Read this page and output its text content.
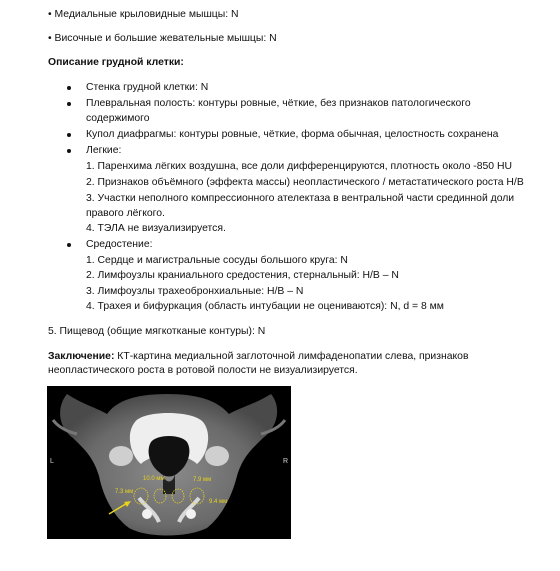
• Медиальные крыловидные мышцы: N
• Височные и большие жевательные мышцы: N
Описание грудной клетки:
Стенка грудной клетки: N
Плевральная полость: контуры ровные, чёткие, без признаков патологического
содержимого
Купол диафрагмы: контуры ровные, чёткие, форма обычная, целостность сохранена
Легкие:
1. Паренхима лёгких воздушна, все доли дифференцируются, плотность около -850 HU
2. Признаков объёмного (эффекта массы) неопластического / метастатического роста Н/В
3. Участки неполного компрессионного ателектаза в вентральной части срединной доли
правого лёгкого.
4. ТЭЛА не визуализируется.
Средостение:
1. Сердце и магистральные сосуды большого круга: N
2. Лимфоузлы краниального средостения, стернальный: Н/В – N
3. Лимфоузлы трахеобронхиальные: Н/В – N
4. Трахея и бифуркация (область интубации не оцениваются): N, d = 8 мм
5. Пищевод (общие мягкотканые контуры): N
Заключение: КТ-картина медиальной заглоточной лимфаденопатии слева, признаков
неопластического роста в ротовой полости не визуализируется.
L	R
7.3 мм
10.0 мм	7.9 мм
9.4 мм
